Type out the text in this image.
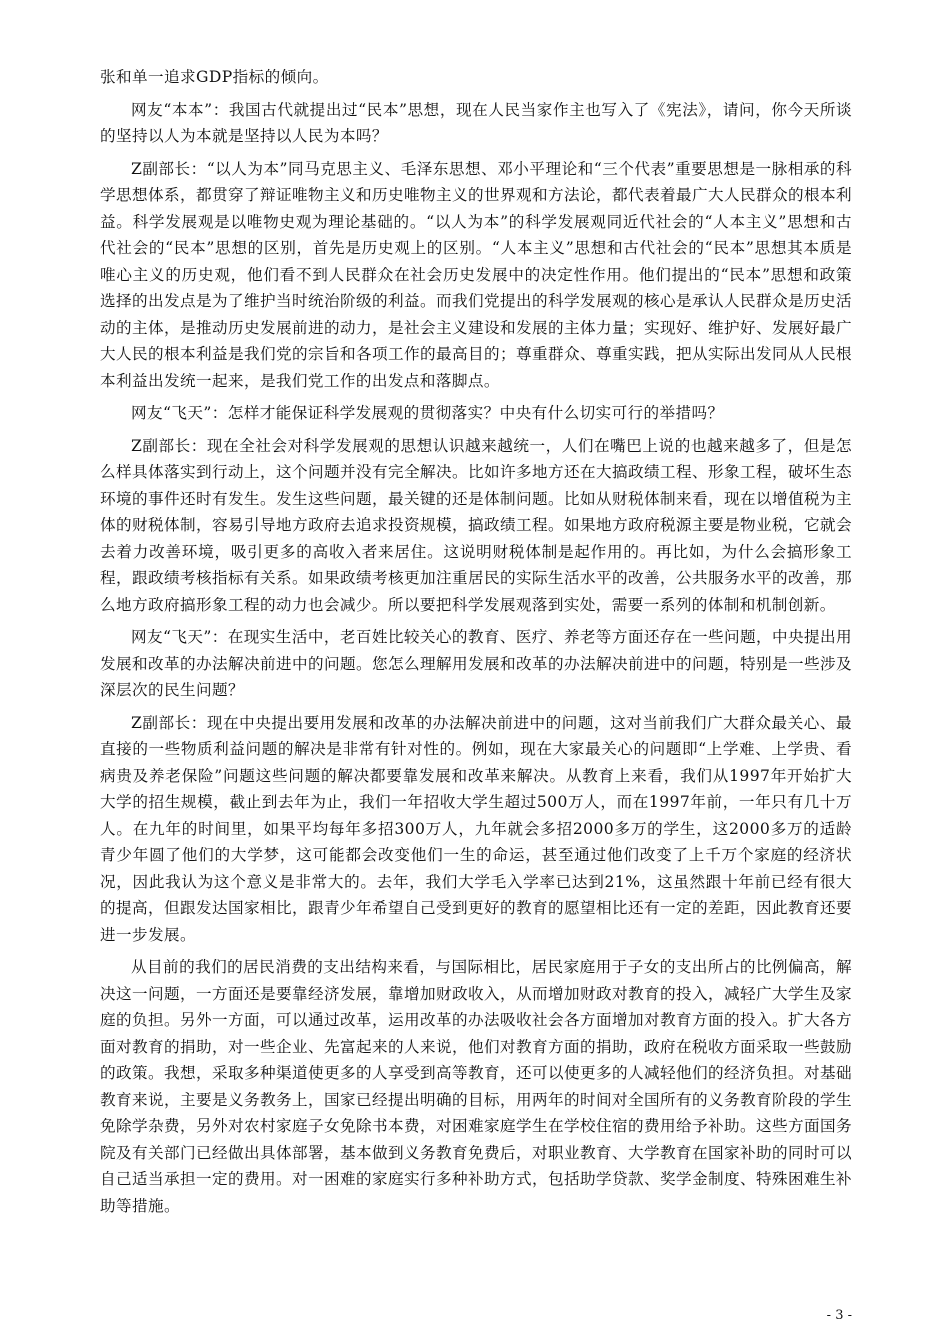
张和单一追求GDP指标的倾向。

网友“本本”：我国古代就提出过“民本”思想，现在人民当家作主也写入了《宪法》，请问，你今天所谈的坚持以人为本就是坚持以人民为本吗？

Z副部长：“以人为本”同马克思主义、毛泽东思想、邓小平理论和“三个代表”重要思想是一脉相承的科学思想体系，都贯穿了辩证唯物主义和历史唯物主义的世界观和方法论，都代表着最广大人民群众的根本利益。科学发展观是以唯物史观为理论基础的。“以人为本”的科学发展观同近代社会的“人本主义”思想和古代社会的“民本”思想的区别，首先是历史观上的区别。“人本主义”思想和古代社会的“民本”思想其本质是唯心主义的历史观，他们看不到人民群众在社会历史发展中的决定性作用。他们提出的“民本”思想和政策选择的出发点是为了维护当时统治阶级的利益。而我们党提出的科学发展观的核心是承认人民群众是历史活动的主体，是推动历史发展前进的动力，是社会主义建设和发展的主体力量；实现好、维护好、发展好最广大人民的根本利益是我们党的宗旨和各项工作的最高目的；尊重群众、尊重实践，把从实际出发同从人民根本利益出发统一起来，是我们党工作的出发点和落脚点。

网友“飞天”：怎样才能保证科学发展观的贯彻落实？中央有什么切实可行的举措吗？

Z副部长：现在全社会对科学发展观的思想认识越来越统一，人们在嘴巴上说的也越来越多了，但是怎么样具体落实到行动上，这个问题并没有完全解决。比如许多地方还在大搞政绩工程、形象工程，破坏生态环境的事件还时有发生。发生这些问题，最关键的还是体制问题。比如从财税体制来看，现在以增值税为主体的财税体制，容易引导地方政府去追求投资规模，搞政绩工程。如果地方政府税源主要是物业税，它就会去着力改善环境，吸引更多的高收入者来居住。这说明财税体制是起作用的。再比如，为什么会搞形象工程，跟政绩考核指标有关系。如果政绩考核更加注重居民的实际生活水平的改善，公共服务水平的改善，那么地方政府搞形象工程的动力也会减少。所以要把科学发展观落到实处，需要一系列的体制和机制创新。

网友“飞天”：在现实生活中，老百姓比较关心的教育、医疗、养老等方面还存在一些问题，中央提出用发展和改革的办法解决前进中的问题。您怎么理解用发展和改革的办法解决前进中的问题，特别是一些涉及深层次的民生问题？

Z副部长：现在中央提出要用发展和改革的办法解决前进中的问题，这对当前我们广大群众最关心、最直接的一些物质利益问题的解决是非常有针对性的。例如，现在大家最关心的问题即“上学难、上学贵、看病贵及养老保险”问题这些问题的解决都要靠发展和改革来解决。从教育上来看，我们从1997年开始扩大大学的招生规模，截止到去年为止，我们一年招收大学生超过500万人，而在1997年前，一年只有几十万人。在九年的时间里，如果平均每年多招300万人，九年就会多招2000多万的学生，这2000多万的适龄青少年圆了他们的大学梦，这可能都会改变他们一生的命运，甚至通过他们改变了上千万个家庭的经济状况，因此我认为这个意义是非常大的。去年，我们大学毛入学率已达到21%，这虽然跟十年前已经有很大的提高，但跟发达国家相比，跟青少年希望自己受到更好的教育的愿望相比还有一定的差距，因此教育还要进一步发展。

从目前的我们的居民消费的支出结构来看，与国际相比，居民家庭用于子女的支出所占的比例偏高，解决这一问题，一方面还是要靠经济发展，靠增加财政收入，从而增加财政对教育的投入，减轻广大学生及家庭的负担。另外一方面，可以通过改革，运用改革的办法吸收社会各方面增加对教育方面的投入。扩大各方面对教育的捐助，对一些企业、先富起来的人来说，他们对教育方面的捐助，政府在税收方面采取一些鼓励的政策。我想，采取多种渠道使更多的人享受到高等教育，还可以使更多的人减轻他们的经济负担。对基础教育来说，主要是义务教务上，国家已经提出明确的目标，用两年的时间对全国所有的义务教育阶段的学生免除学杂费，另外对农村家庭子女免除书本费，对困难家庭学生在学校住宿的费用给予补助。这些方面国务院及有关部门已经做出具体部署，基本做到义务教育免费后，对职业教育、大学教育在国家补助的同时可以自己适当承担一定的费用。对一困难的家庭实行多种补助方式，包括助学贷款、奖学金制度、特殊困难生补助等措施。

- 3 -
